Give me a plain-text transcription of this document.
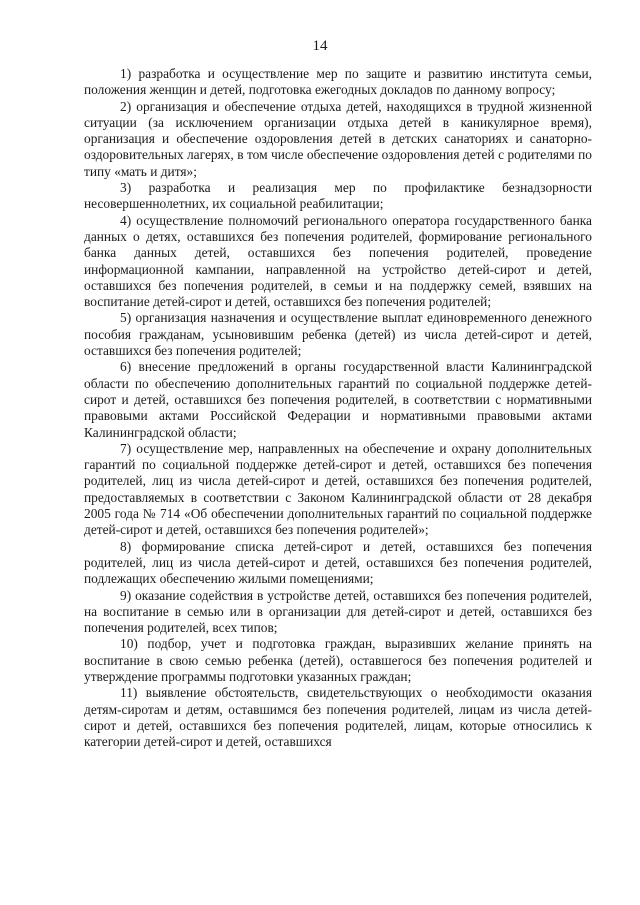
14

1) разработка и осуществление мер по защите и развитию института семьи, положения женщин и детей, подготовка ежегодных докладов по данному вопросу;

2) организация и обеспечение отдыха детей, находящихся в трудной жизненной ситуации (за исключением организации отдыха детей в каникулярное время), организация и обеспечение оздоровления детей в детских санаториях и санаторно-оздоровительных лагерях, в том числе обеспечение оздоровления детей с родителями по типу «мать и дитя»;

3) разработка и реализация мер по профилактике безнадзорности несовершеннолетних, их социальной реабилитации;

4) осуществление полномочий регионального оператора государственного банка данных о детях, оставшихся без попечения родителей, формирование регионального банка данных детей, оставшихся без попечения родителей, проведение информационной кампании, направленной на устройство детей-сирот и детей, оставшихся без попечения родителей, в семьи и на поддержку семей, взявших на воспитание детей-сирот и детей, оставшихся без попечения родителей;

5) организация назначения и осуществление выплат единовременного денежного пособия гражданам, усыновившим ребенка (детей) из числа детей-сирот и детей, оставшихся без попечения родителей;

6) внесение предложений в органы государственной власти Калининградской области по обеспечению дополнительных гарантий по социальной поддержке детей-сирот и детей, оставшихся без попечения родителей, в соответствии с нормативными правовыми актами Российской Федерации и нормативными правовыми актами Калининградской области;

7) осуществление мер, направленных на обеспечение и охрану дополнительных гарантий по социальной поддержке детей-сирот и детей, оставшихся без попечения родителей, лиц из числа детей-сирот и детей, оставшихся без попечения родителей, предоставляемых в соответствии с Законом Калининградской области от 28 декабря 2005 года № 714 «Об обеспечении дополнительных гарантий по социальной поддержке детей-сирот и детей, оставшихся без попечения родителей»;

8) формирование списка детей-сирот и детей, оставшихся без попечения родителей, лиц из числа детей-сирот и детей, оставшихся без попечения родителей, подлежащих обеспечению жилыми помещениями;

9) оказание содействия в устройстве детей, оставшихся без попечения родителей, на воспитание в семью или в организации для детей-сирот и детей, оставшихся без попечения родителей, всех типов;

10) подбор, учет и подготовка граждан, выразивших желание принять на воспитание в свою семью ребенка (детей), оставшегося без попечения родителей и утверждение программы подготовки указанных граждан;

11) выявление обстоятельств, свидетельствующих о необходимости оказания детям-сиротам и детям, оставшимся без попечения родителей, лицам из числа детей-сирот и детей, оставшихся без попечения родителей, лицам, которые относились к категории детей-сирот и детей, оставшихся
